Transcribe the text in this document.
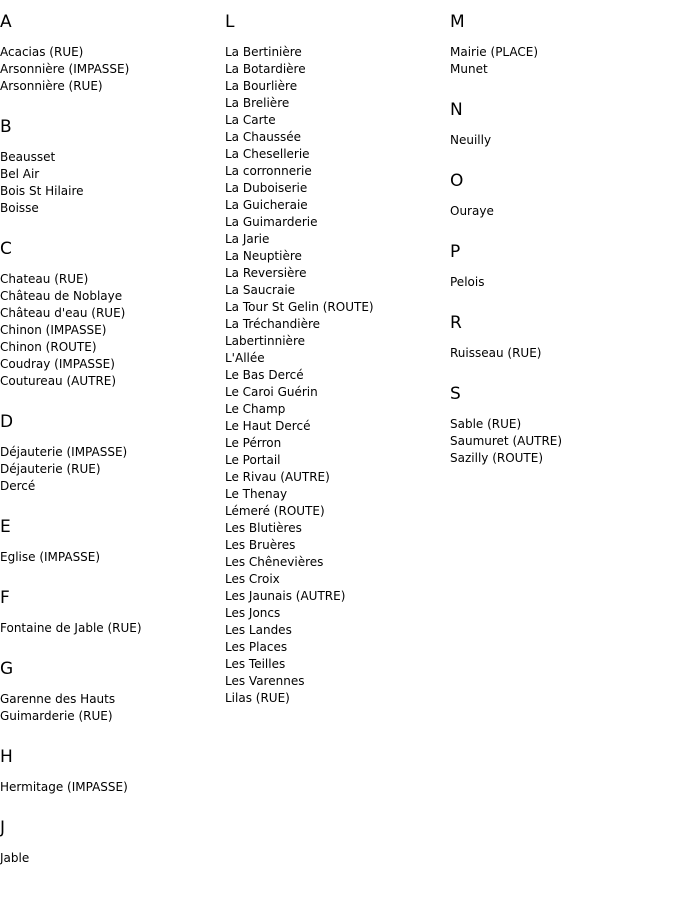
A
Acacias (RUE)
Arsonnière (IMPASSE)
Arsonnière (RUE)
B
Beausset
Bel Air
Bois St Hilaire
Boisse
C
Chateau (RUE)
Château de Noblaye
Château d'eau (RUE)
Chinon (IMPASSE)
Chinon (ROUTE)
Coudray (IMPASSE)
Coutureau (AUTRE)
D
Déjauterie (IMPASSE)
Déjauterie (RUE)
Dercé
E
Eglise (IMPASSE)
F
Fontaine de Jable (RUE)
G
Garenne des Hauts
Guimarderie (RUE)
H
Hermitage (IMPASSE)
J
Jable
L
La Bertinière
La Botardière
La Bourlière
La Brelière
La Carte
La Chaussée
La Chesellerie
La corronnerie
La Duboiserie
La Guicheraie
La Guimarderie
La Jarie
La Neuptière
La Reversière
La Saucraie
La Tour St Gelin (ROUTE)
La Tréchandière
Labertinnière
L'Allée
Le Bas Dercé
Le Caroi Guérin
Le Champ
Le Haut Dercé
Le Pérron
Le Portail
Le Rivau (AUTRE)
Le Thenay
Lémeré (ROUTE)
Les Blutières
Les Bruères
Les Chênevières
Les Croix
Les Jaunais (AUTRE)
Les Joncs
Les Landes
Les Places
Les Teilles
Les Varennes
Lilas (RUE)
M
Mairie (PLACE)
Munet
N
Neuilly
O
Ouraye
P
Pelois
R
Ruisseau (RUE)
S
Sable (RUE)
Saumuret (AUTRE)
Sazilly (ROUTE)
